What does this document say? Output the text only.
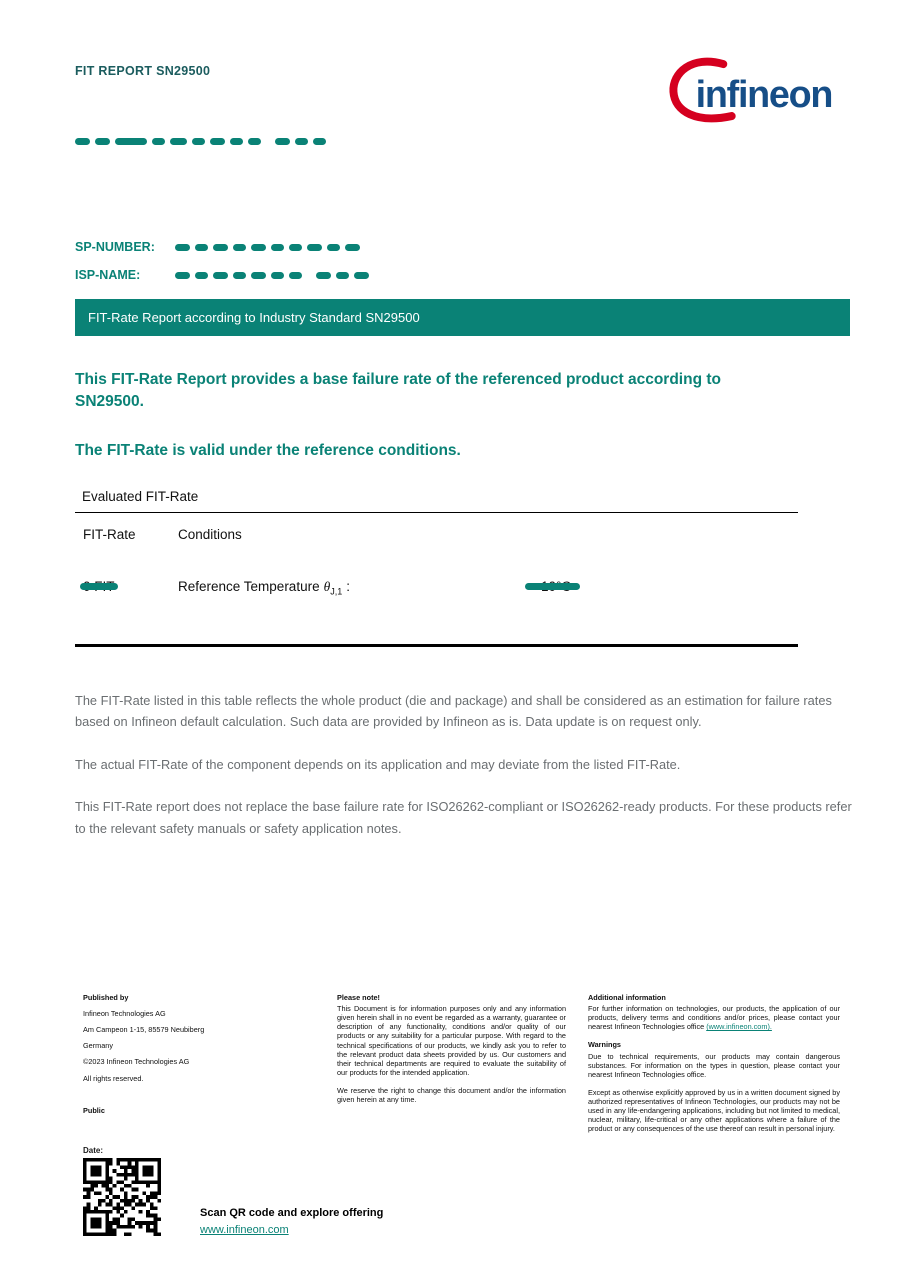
FIT REPORT SN29500
infineon
SP-NUMBER:
ISP-NAME:
FIT-Rate Report according to Industry Standard SN29500
This FIT-Rate Report provides a base failure rate of the referenced product according to SN29500.
The FIT-Rate is valid under the reference conditions.
Evaluated FIT-Rate
FIT-Rate	Conditions
Reference Temperature $\theta_{J,1}$ :

The FIT-Rate listed in this table reflects the whole product (die and package) and shall be considered as an estimation for failure rates based on Infineon default calculation. Such data are provided by Infineon as is. Data update is on request only.

The actual FIT-Rate of the component depends on its application and may deviate from the listed FIT-Rate.

This FIT-Rate report does not replace the base failure rate for ISO26262-compliant or ISO26262-ready products. For these products refer to the relevant safety manuals or safety application notes.

Published by
Infineon Technologies AG
Am Campeon 1-15, 85579 Neubiberg
Germany
©2023 Infineon Technologies AG
All rights reserved.
Public
Please note!
This Document is for information purposes only and any information given herein shall in no event be regarded as a warranty, guarantee or description of any functionality, conditions and/or quality of our products or any suitability for a particular purpose. With regard to the technical specifications of our products, we kindly ask you to refer to the relevant product data sheets provided by us. Our customers and their technical departments are required to evaluate the suitability of our products for the intended application.
We reserve the right to change this document and/or the information given herein at any time.
Additional information
For further information on technologies, our products, the application of our products, delivery terms and conditions and/or prices, please contact your nearest Infineon Technologies office (www.infineon.com).
Warnings
Due to technical requirements, our products may contain dangerous substances. For information on the types in question, please contact your nearest Infineon Technologies office.
Except as otherwise explicitly approved by us in a written document signed by authorized representatives of Infineon Technologies, our products may not be used in any life-endangering applications, including but not limited to medical, nuclear, military, life-critical or any other applications where a failure of the product or any consequences of the use thereof can result in personal injury.
Date:
Scan QR code and explore offering
www.infineon.com
